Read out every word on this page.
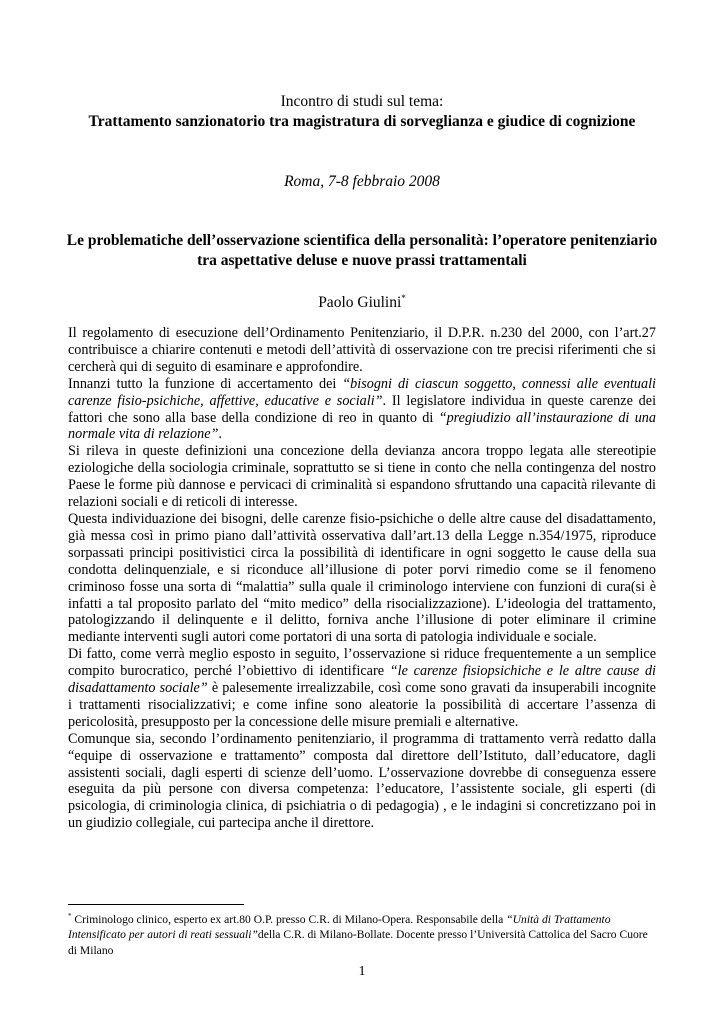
Incontro di studi sul tema:
Trattamento sanzionatorio tra magistratura di sorveglianza e giudice di cognizione
Roma, 7-8 febbraio 2008
Le problematiche dell’osservazione scientifica della personalità: l’operatore penitenziario tra aspettative deluse e nuove prassi trattamentali
Paolo Giulini*

Il regolamento di esecuzione dell’Ordinamento Penitenziario, il D.P.R. n.230 del 2000, con l’art.27 contribuisce a chiarire contenuti e metodi dell’attività di osservazione con tre precisi riferimenti che si cercherà qui di seguito di esaminare e approfondire.

Innanzi tutto la funzione di accertamento dei “bisogni di ciascun soggetto, connessi alle eventuali carenze fisio-psichiche, affettive, educative e sociali”. Il legislatore individua in queste carenze dei fattori che sono alla base della condizione di reo in quanto di “pregiudizio all’instaurazione di una normale vita di relazione”.

Si rileva in queste definizioni una concezione della devianza ancora troppo legata alle stereotipie eziologiche della sociologia criminale, soprattutto se si tiene in conto che nella contingenza del nostro Paese le forme più dannose e pervicaci di criminalità si espandono sfruttando una capacità rilevante di relazioni sociali e di reticoli di interesse.

Questa individuazione dei bisogni, delle carenze fisio-psichiche o delle altre cause del disadattamento, già messa così in primo piano dall’attività osservativa dall’art.13 della Legge n.354/1975, riproduce sorpassati principi positivistici circa la possibilità di identificare in ogni soggetto le cause della sua condotta delinquenziale, e si riconduce all’illusione di poter porvi rimedio come se il fenomeno criminoso fosse una sorta di “malattia” sulla quale il criminologo interviene con funzioni di cura(si è infatti a tal proposito parlato del “mito medico” della risocializzazione). L’ideologia del trattamento, patologizzando il delinquente e il delitto, forniva anche l’illusione di poter eliminare il crimine mediante interventi sugli autori come portatori di una sorta di patologia individuale e sociale.

Di fatto, come verrà meglio esposto in seguito, l’osservazione si riduce frequentemente a un semplice compito burocratico, perché l’obiettivo di identificare “le carenze fisiopsichiche e le altre cause di disadattamento sociale” è palesemente irrealizzabile, così come sono gravati da insuperabili incognite i trattamenti risocializzativi; e come infine sono aleatorie la possibilità di accertare l’assenza di pericolosità, presupposto per la concessione delle misure premiali e alternative.

Comunque sia, secondo l’ordinamento penitenziario, il programma di trattamento verrà redatto dalla “equipe di osservazione e trattamento” composta dal direttore dell’Istituto, dall’educatore, dagli assistenti sociali, dagli esperti di scienze dell’uomo. L’osservazione dovrebbe di conseguenza essere eseguita da più persone con diversa competenza: l’educatore, l’assistente sociale, gli esperti (di psicologia, di criminologia clinica, di psichiatria o di pedagogia) , e le indagini si concretizzano poi in un giudizio collegiale, cui partecipa anche il direttore.

* Criminologo clinico, esperto ex art.80 O.P. presso C.R. di Milano-Opera. Responsabile della “Unità di Trattamento Intensificato per autori di reati sessuali”della C.R. di Milano-Bollate. Docente presso l’Università Cattolica del Sacro Cuore di Milano
1
